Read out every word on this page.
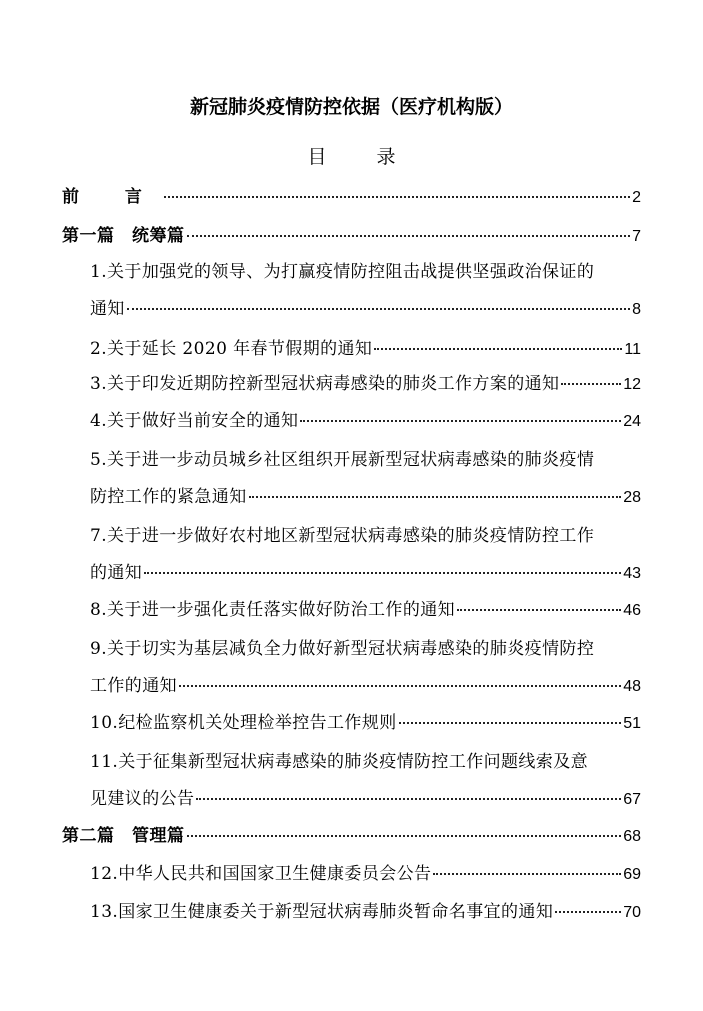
新冠肺炎疫情防控依据（医疗机构版）
目 录
前 言	2
第一篇　统筹篇	7
1.关于加强党的领导、为打赢疫情防控阻击战提供坚强政治保证的
通知	8
2.关于延长 2020 年春节假期的通知	11
3.关于印发近期防控新型冠状病毒感染的肺炎工作方案的通知	12
4.关于做好当前安全的通知	24
5.关于进一步动员城乡社区组织开展新型冠状病毒感染的肺炎疫情
防控工作的紧急通知	28
7.关于进一步做好农村地区新型冠状病毒感染的肺炎疫情防控工作
的通知	43
8.关于进一步强化责任落实做好防治工作的通知	46
9.关于切实为基层减负全力做好新型冠状病毒感染的肺炎疫情防控
工作的通知	48
10.纪检监察机关处理检举控告工作规则	51
11.关于征集新型冠状病毒感染的肺炎疫情防控工作问题线索及意
见建议的公告	67
第二篇　管理篇	68
12.中华人民共和国国家卫生健康委员会公告	69
13.国家卫生健康委关于新型冠状病毒肺炎暂命名事宜的通知	70
